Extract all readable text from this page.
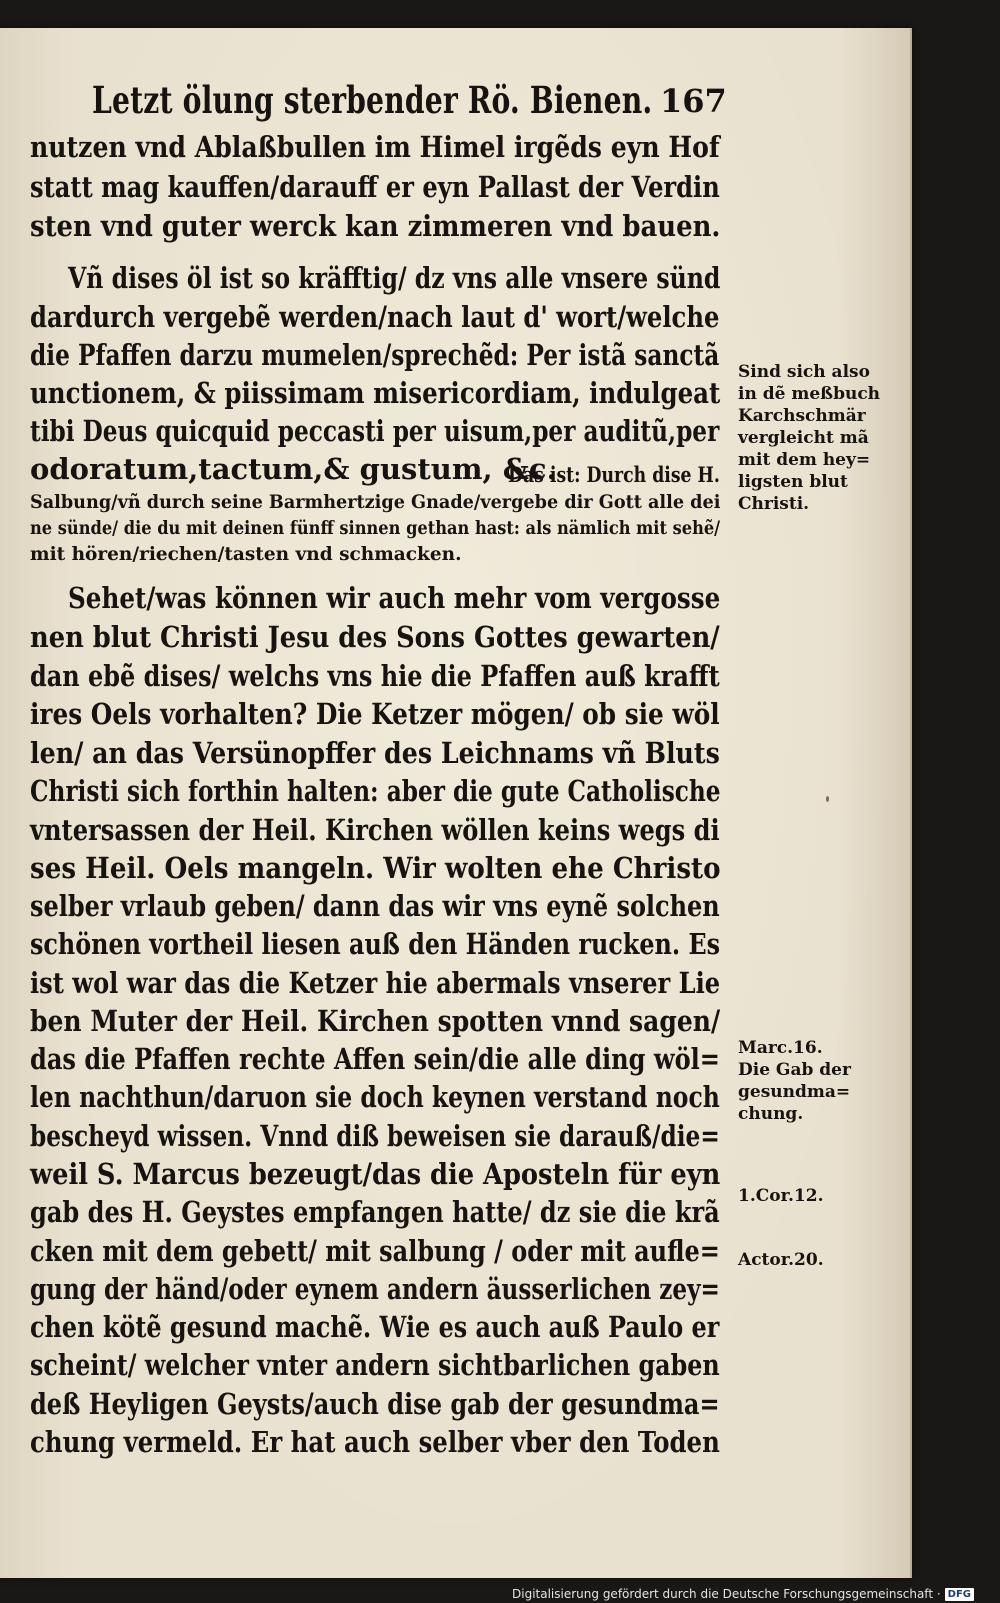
Letzt ölung sterbender Rö. Bienen. 167
nutzen vnd Ablaßbullen im Himel irgẽds eyn Hof
statt mag kauffen/darauff er eyn Pallast der Verdin
sten vnd guter werck kan zimmeren vnd bauen.
Vñ dises öl ist so kräfftig/ dz vns alle vnsere sünd
dardurch vergebẽ werden/nach laut d' wort/welche
die Pfaffen darzu mumelen/sprechẽd: Per istã sanctã
unctionem, & piissimam misericordiam, indulgeat
tibi Deus quicquid peccasti per uisum,per auditũ,per
odoratum,tactum,& gustum, &c.
Das ist: Durch dise H.
Salbung/vñ durch seine Barmhertzige Gnade/vergebe dir Gott alle dei
ne sünde/ die du mit deinen fünff sinnen gethan hast: als nämlich mit sehẽ/
mit hören/riechen/tasten vnd schmacken.
Sehet/was können wir auch mehr vom vergosse
nen blut Christi Jesu des Sons Gottes gewarten/
dan ebẽ dises/ welchs vns hie die Pfaffen auß krafft
ires Oels vorhalten? Die Ketzer mögen/ ob sie wöl
len/ an das Versünopffer des Leichnams vñ Bluts
Christi sich forthin halten: aber die gute Catholische
vntersassen der Heil. Kirchen wöllen keins wegs di
ses Heil. Oels mangeln. Wir wolten ehe Christo
selber vrlaub geben/ dann das wir vns eynẽ solchen
schönen vortheil liesen auß den Händen rucken. Es
ist wol war das die Ketzer hie abermals vnserer Lie
ben Muter der Heil. Kirchen spotten vnnd sagen/
das die Pfaffen rechte Affen sein/die alle ding wöl=
len nachthun/daruon sie doch keynen verstand noch
bescheyd wissen. Vnnd diß beweisen sie darauß/die=
weil S. Marcus bezeugt/das die Aposteln für eyn
gab des H. Geystes empfangen hatte/ dz sie die krã
cken mit dem gebett/ mit salbung / oder mit aufle=
gung der händ/oder eynem andern äusserlichen zey=
chen kötẽ gesund machẽ. Wie es auch auß Paulo er
scheint/ welcher vnter andern sichtbarlichen gaben
deß Heyligen Geysts/auch dise gab der gesundma=
chung vermeld. Er hat auch selber vber den Toden
Sind sich also
in dẽ meßbuch
Karchschmär
vergleicht mã
mit dem hey=
ligsten blut
Christi.
Marc.16.
Die Gab der
gesundma=
chung.
1.Cor.12.
Actor.20.
Digitalisierung gefördert durch die Deutsche Forschungsgemeinschaft · DFG
